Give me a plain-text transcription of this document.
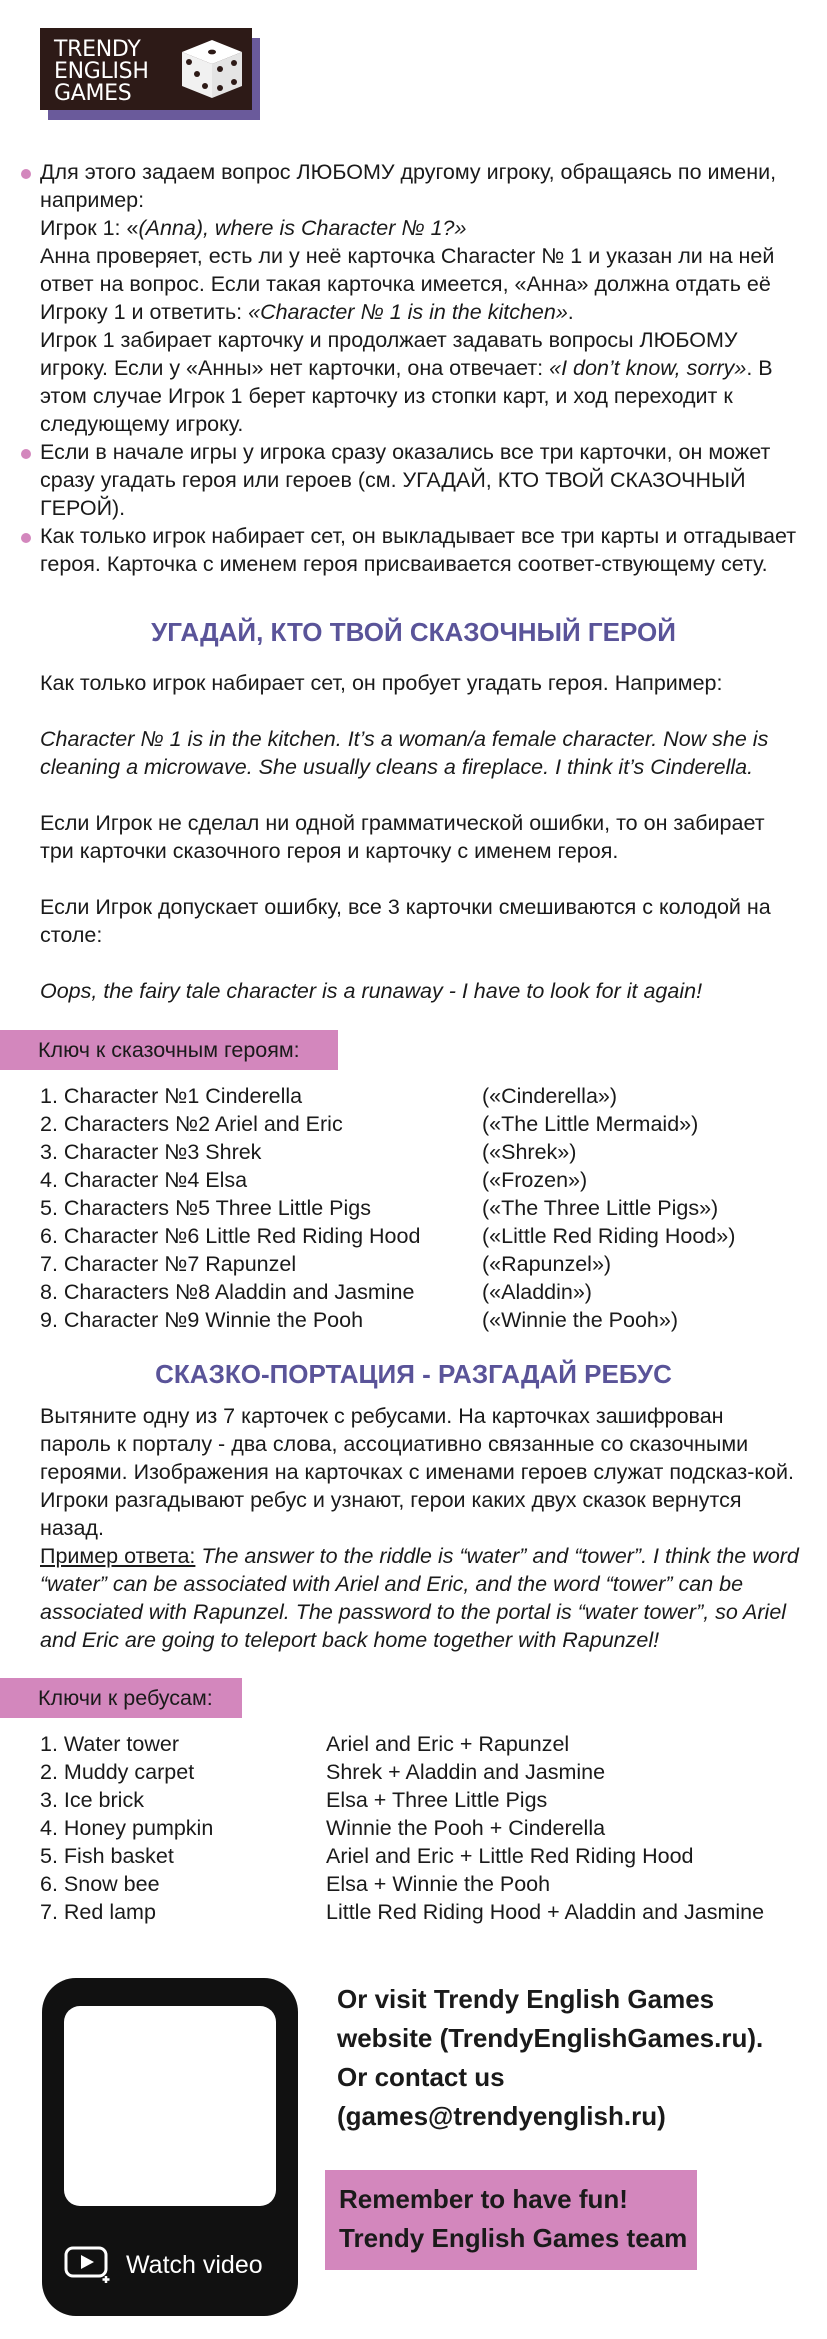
TRENDY
ENGLISH
GAMES

Для этого задаем вопрос ЛЮБОМУ другому игроку, обращаясь по имени, например:

Игрок 1: «(Anna), where is Character № 1?»

Анна проверяет, есть ли у неё карточка Character № 1 и указан ли на ней ответ на вопрос. Если такая карточка имеется, «Анна» должна отдать её Игроку 1 и ответить: «Character № 1 is in the kitchen».

Игрок 1 забирает карточку и продолжает задавать вопросы ЛЮБОМУ игроку. Если у «Анны» нет карточки, она отвечает: «I don’t know, sorry». В этом случае Игрок 1 берет карточку из стопки карт, и ход переходит к следующему игроку.

Если в начале игры у игрока сразу оказались все три карточки, он может сразу угадать героя или героев (см. УГАДАЙ, КТО ТВОЙ СКАЗОЧНЫЙ ГЕРОЙ).

Как только игрок набирает сет, он выкладывает все три карты и отгадывает героя. Карточка с именем героя присваивается соответ-ствующему сету.

УГАДАЙ, КТО ТВОЙ СКАЗОЧНЫЙ ГЕРОЙ

Как только игрок набирает сет, он пробует угадать героя. Например:

Character № 1 is in the kitchen. It’s a woman/a female character. Now she is cleaning a microwave. She usually cleans a fireplace. I think it’s Cinderella.

Если Игрок не сделал ни одной грамматической ошибки, то он забирает три карточки сказочного героя и карточку с именем героя.

Если Игрок допускает ошибку, все 3 карточки смешиваются с колодой на столе:

Oops, the fairy tale character is a runaway - I have to look for it again!

Ключ к сказочным героям:
1. Character №1 Cinderella	(«Cinderella»)
2. Characters №2 Ariel and Eric	(«The Little Mermaid»)
3. Character №3 Shrek	(«Shrek»)
4. Character №4 Elsa	(«Frozen»)
5. Characters №5 Three Little Pigs	(«The Three Little Pigs»)
6. Character №6 Little Red Riding Hood	(«Little Red Riding Hood»)
7. Character №7 Rapunzel	(«Rapunzel»)
8. Characters №8 Aladdin and Jasmine	(«Aladdin»)
9. Character №9 Winnie the Pooh	(«Winnie the Pooh»)
СКАЗКО-ПОРТАЦИЯ - РАЗГАДАЙ РЕБУС

Вытяните одну из 7 карточек с ребусами. На карточках зашифрован пароль к порталу - два слова, ассоциативно связанные со сказочными героями. Изображения на карточках с именами героев служат подсказ-кой. Игроки разгадывают ребус и узнают, герои каких двух сказок вернутся назад.

Пример ответа: The answer to the riddle is “water” and “tower”. I think the word “water” can be associated with Ariel and Eric, and the word “tower” can be associated with Rapunzel. The password to the portal is “water tower”, so Ariel and Eric are going to teleport back home together with Rapunzel!

Ключи к ребусам:
1. Water tower	Ariel and Eric + Rapunzel
2. Muddy carpet	Shrek + Aladdin and Jasmine
3. Ice brick	Elsa + Three Little Pigs
4. Honey pumpkin	Winnie the Pooh + Cinderella
5. Fish basket	Ariel and Eric + Little Red Riding Hood
6. Snow bee	Elsa + Winnie the Pooh
7. Red lamp	Little Red Riding Hood + Aladdin and Jasmine
Watch video
Or visit Trendy English Games
website (TrendyEnglishGames.ru).
Or contact us
(games@trendyenglish.ru)
Remember to have fun!
Trendy English Games team
